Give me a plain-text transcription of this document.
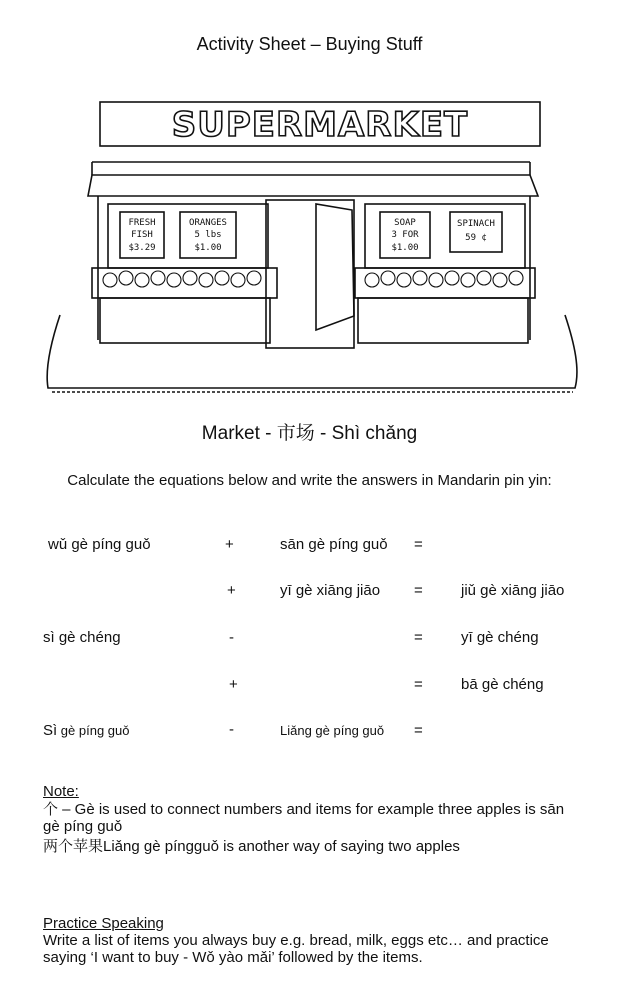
Activity Sheet – Buying Stuff
SUPERMARKET
FRESH
FISH
$3.29
ORANGES
5 lbs
$1.00
SOAP
3 FOR
$1.00
SPINACH
59 ¢
Market - 市场 - Shì chǎng
Calculate the equations below and write the answers in Mandarin pin yin:
wǔ gè píng guǒ	+	sān gè píng guǒ =
+	yī gè xiāng jiāo =	jiǔ gè xiāng jiāo
sì gè chéng	-	=	yī gè chéng
+	=	bā gè chéng
Sì gè píng guǒ	-	Liǎng gè píng guǒ =
Note:
个 – Gè is used to connect numbers and items for example three apples is sān gè píng guǒ
两个苹果Liǎng gè píngguǒ is another way of saying two apples
Practice Speaking
Write a list of items you always buy e.g. bread, milk, eggs etc… and practice saying ‘I want to buy - Wǒ yào mǎi’ followed by the items.
